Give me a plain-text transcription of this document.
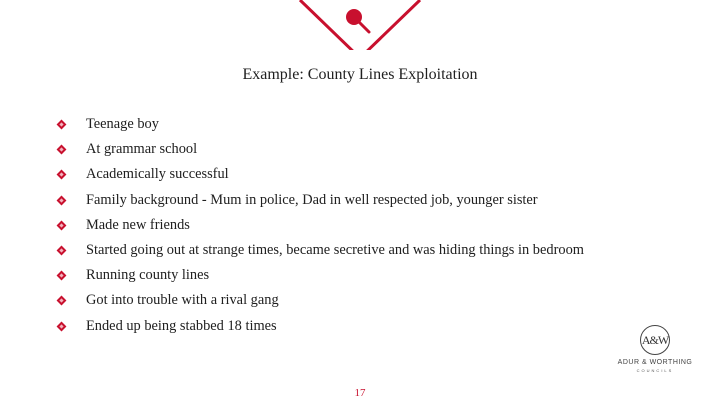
Example: County Lines Exploitation
Teenage boy
At grammar school
Academically successful
Family background - Mum in police, Dad in well respected job, younger sister
Made new friends
Started going out at strange times, became secretive and was hiding things in bedroom
Running county lines
Got into trouble with a rival gang
Ended up being stabbed 18 times
A&W
ADUR & WORTHING
COUNCILS
17
